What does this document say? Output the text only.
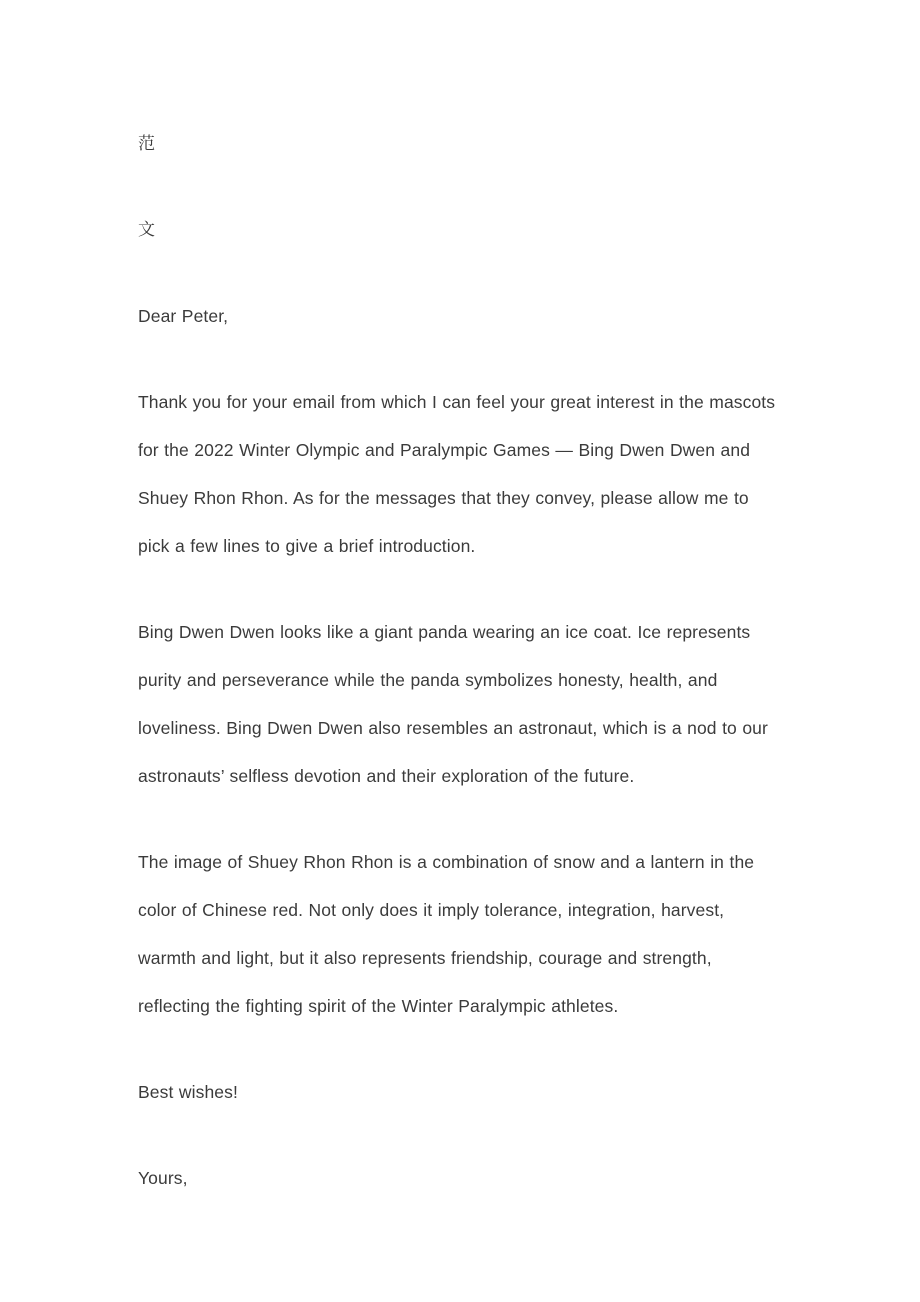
范

文

Dear Peter,

Thank you for your email from which I can feel your great interest in the mascots for the 2022 Winter Olympic and Paralympic Games — Bing Dwen Dwen and Shuey Rhon Rhon. As for the messages that they convey, please allow me to pick a few lines to give a brief introduction.

Bing Dwen Dwen looks like a giant panda wearing an ice coat. Ice represents purity and perseverance while the panda symbolizes honesty, health, and loveliness. Bing Dwen Dwen also resembles an astronaut, which is a nod to our astronauts’ selfless devotion and their exploration of the future.

The image of Shuey Rhon Rhon is a combination of snow and a lantern in the color of Chinese red. Not only does it imply tolerance, integration, harvest, warmth and light, but it also represents friendship, courage and strength, reflecting the fighting spirit of the Winter Paralympic athletes.

Best wishes!

Yours,
